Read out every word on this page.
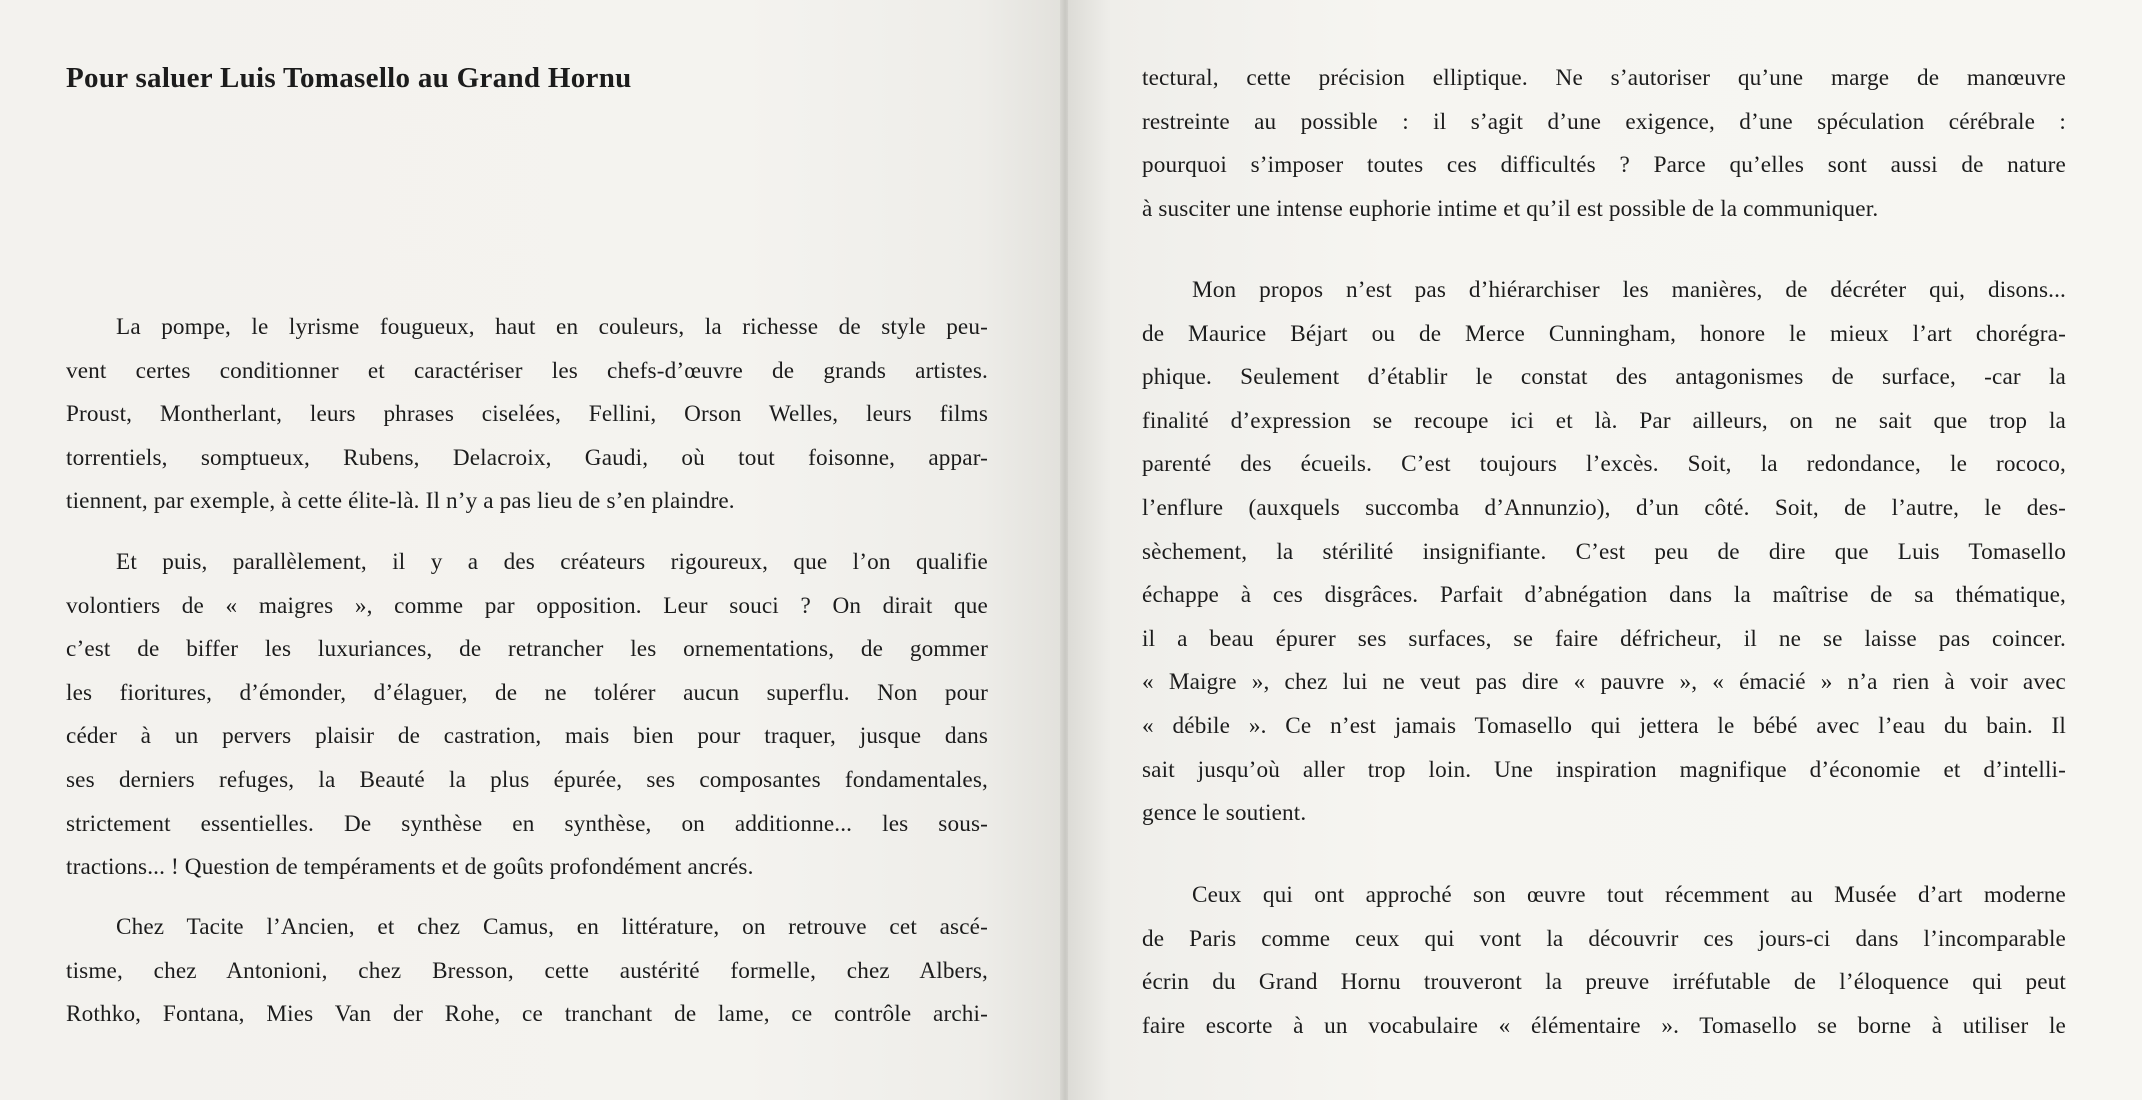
Pour saluer Luis Tomasello au Grand Hornu
La pompe, le lyrisme fougueux, haut en couleurs, la richesse de style peu-
vent certes conditionner et caractériser les chefs-d’œuvre de grands artistes.
Proust, Montherlant, leurs phrases ciselées, Fellini, Orson Welles, leurs films
torrentiels, somptueux, Rubens, Delacroix, Gaudi, où tout foisonne, appar-
tiennent, par exemple, à cette élite-là. Il n’y a pas lieu de s’en plaindre.
Et puis, parallèlement, il y a des créateurs rigoureux, que l’on qualifie
volontiers de « maigres », comme par opposition. Leur souci ? On dirait que
c’est de biffer les luxuriances, de retrancher les ornementations, de gommer
les fioritures, d’émonder, d’élaguer, de ne tolérer aucun superflu. Non pour
céder à un pervers plaisir de castration, mais bien pour traquer, jusque dans
ses derniers refuges, la Beauté la plus épurée, ses composantes fondamentales,
strictement essentielles. De synthèse en synthèse, on additionne... les sous-
tractions... ! Question de tempéraments et de goûts profondément ancrés.
Chez Tacite l’Ancien, et chez Camus, en littérature, on retrouve cet ascé-
tisme, chez Antonioni, chez Bresson, cette austérité formelle, chez Albers,
Rothko, Fontana, Mies Van der Rohe, ce tranchant de lame, ce contrôle archi-
tectural, cette précision elliptique. Ne s’autoriser qu’une marge de manœuvre
restreinte au possible : il s’agit d’une exigence, d’une spéculation cérébrale :
pourquoi s’imposer toutes ces difficultés ? Parce qu’elles sont aussi de nature
à susciter une intense euphorie intime et qu’il est possible de la communiquer.
Mon propos n’est pas d’hiérarchiser les manières, de décréter qui, disons...
de Maurice Béjart ou de Merce Cunningham, honore le mieux l’art chorégra-
phique. Seulement d’établir le constat des antagonismes de surface, -car la
finalité d’expression se recoupe ici et là. Par ailleurs, on ne sait que trop la
parenté des écueils. C’est toujours l’excès. Soit, la redondance, le rococo,
l’enflure (auxquels succomba d’Annunzio), d’un côté. Soit, de l’autre, le des-
sèchement, la stérilité insignifiante. C’est peu de dire que Luis Tomasello
échappe à ces disgrâces. Parfait d’abnégation dans la maîtrise de sa thématique,
il a beau épurer ses surfaces, se faire défricheur, il ne se laisse pas coincer.
« Maigre », chez lui ne veut pas dire « pauvre », « émacié » n’a rien à voir avec
« débile ». Ce n’est jamais Tomasello qui jettera le bébé avec l’eau du bain. Il
sait jusqu’où aller trop loin. Une inspiration magnifique d’économie et d’intelli-
gence le soutient.
Ceux qui ont approché son œuvre tout récemment au Musée d’art moderne
de Paris comme ceux qui vont la découvrir ces jours-ci dans l’incomparable
écrin du Grand Hornu trouveront la preuve irréfutable de l’éloquence qui peut
faire escorte à un vocabulaire « élémentaire ». Tomasello se borne à utiliser le
